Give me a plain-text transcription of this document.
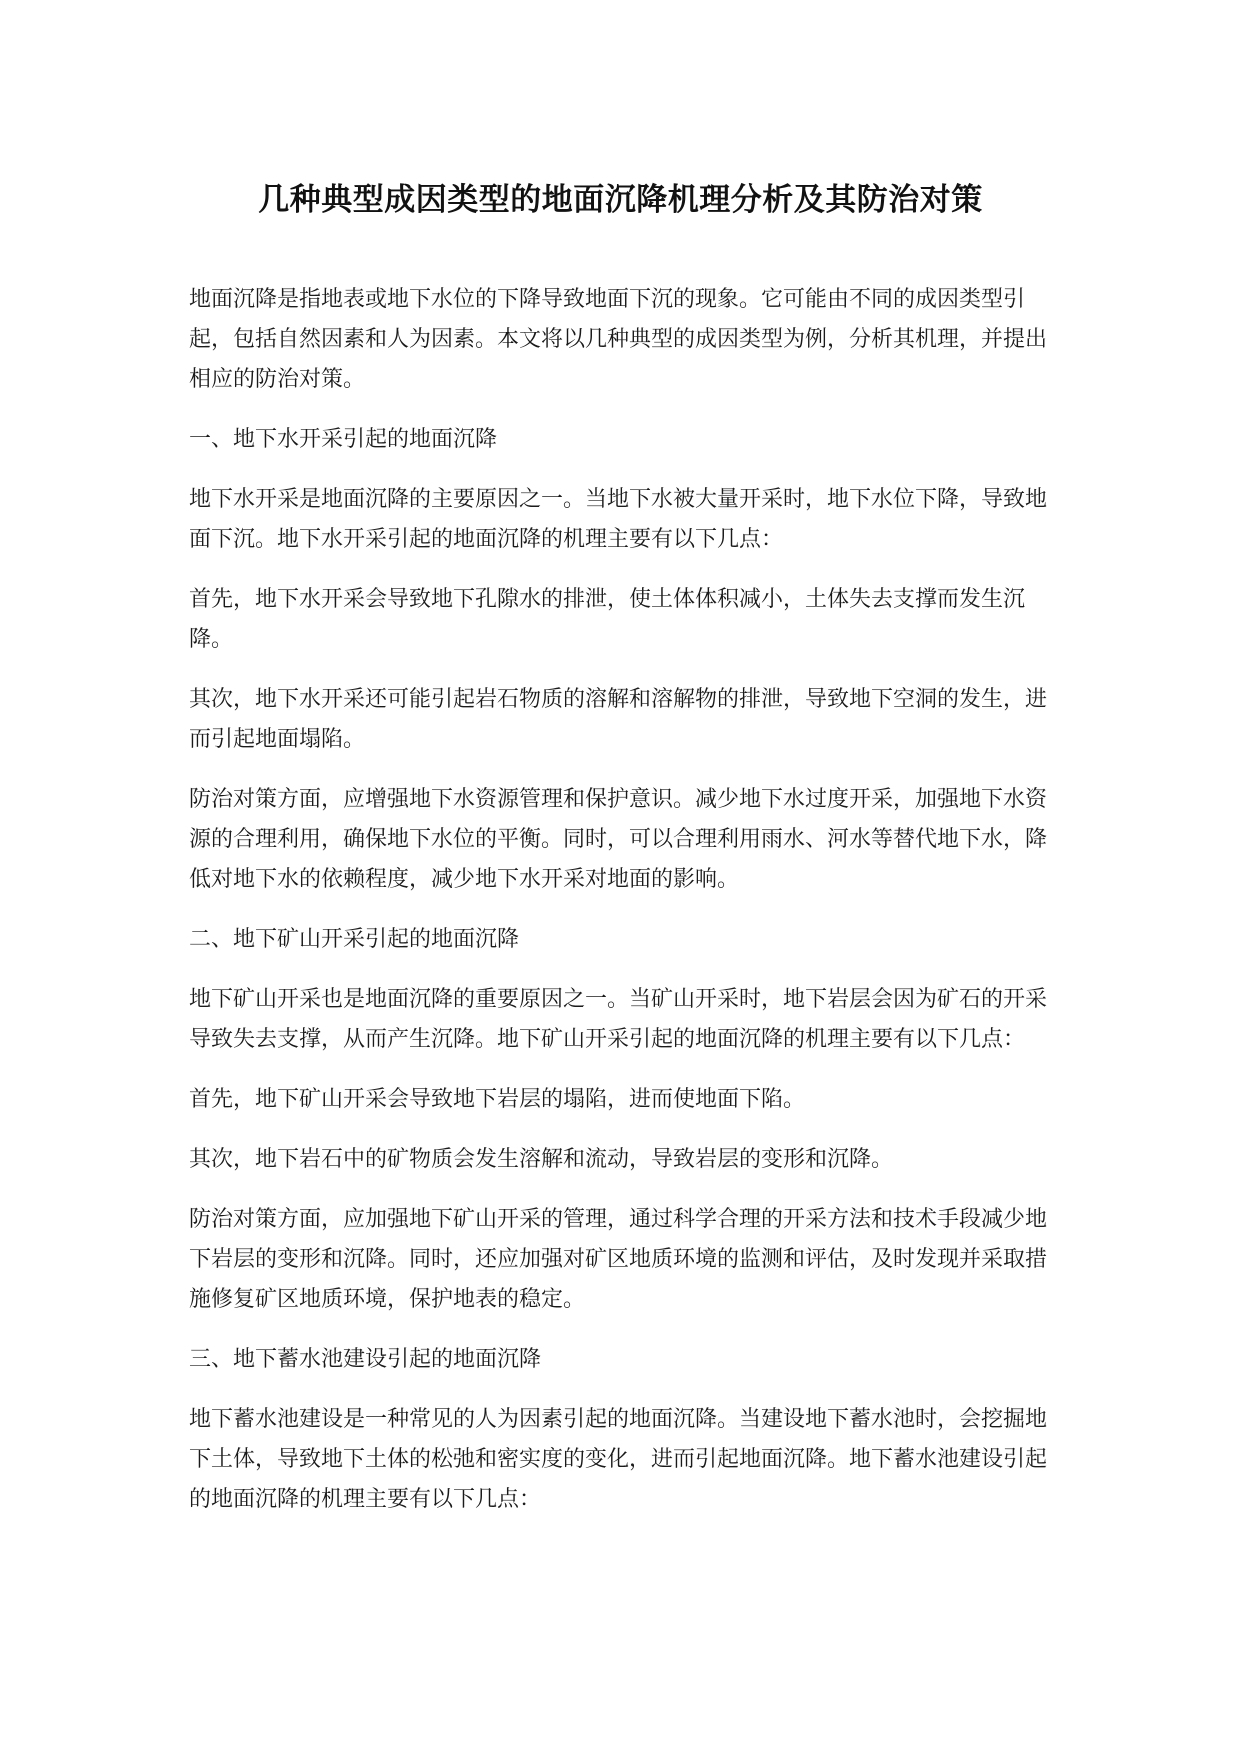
几种典型成因类型的地面沉降机理分析及其防治对策

地面沉降是指地表或地下水位的下降导致地面下沉的现象。它可能由不同的成因类型引起，包括自然因素和人为因素。本文将以几种典型的成因类型为例，分析其机理，并提出相应的防治对策。

一、地下水开采引起的地面沉降

地下水开采是地面沉降的主要原因之一。当地下水被大量开采时，地下水位下降，导致地面下沉。地下水开采引起的地面沉降的机理主要有以下几点：

首先，地下水开采会导致地下孔隙水的排泄，使土体体积减小，土体失去支撑而发生沉降。

其次，地下水开采还可能引起岩石物质的溶解和溶解物的排泄，导致地下空洞的发生，进而引起地面塌陷。

防治对策方面，应增强地下水资源管理和保护意识。减少地下水过度开采，加强地下水资源的合理利用，确保地下水位的平衡。同时，可以合理利用雨水、河水等替代地下水，降低对地下水的依赖程度，减少地下水开采对地面的影响。

二、地下矿山开采引起的地面沉降

地下矿山开采也是地面沉降的重要原因之一。当矿山开采时，地下岩层会因为矿石的开采导致失去支撑，从而产生沉降。地下矿山开采引起的地面沉降的机理主要有以下几点：

首先，地下矿山开采会导致地下岩层的塌陷，进而使地面下陷。

其次，地下岩石中的矿物质会发生溶解和流动，导致岩层的变形和沉降。

防治对策方面，应加强地下矿山开采的管理，通过科学合理的开采方法和技术手段减少地下岩层的变形和沉降。同时，还应加强对矿区地质环境的监测和评估，及时发现并采取措施修复矿区地质环境，保护地表的稳定。

三、地下蓄水池建设引起的地面沉降

地下蓄水池建设是一种常见的人为因素引起的地面沉降。当建设地下蓄水池时，会挖掘地下土体，导致地下土体的松弛和密实度的变化，进而引起地面沉降。地下蓄水池建设引起的地面沉降的机理主要有以下几点：
